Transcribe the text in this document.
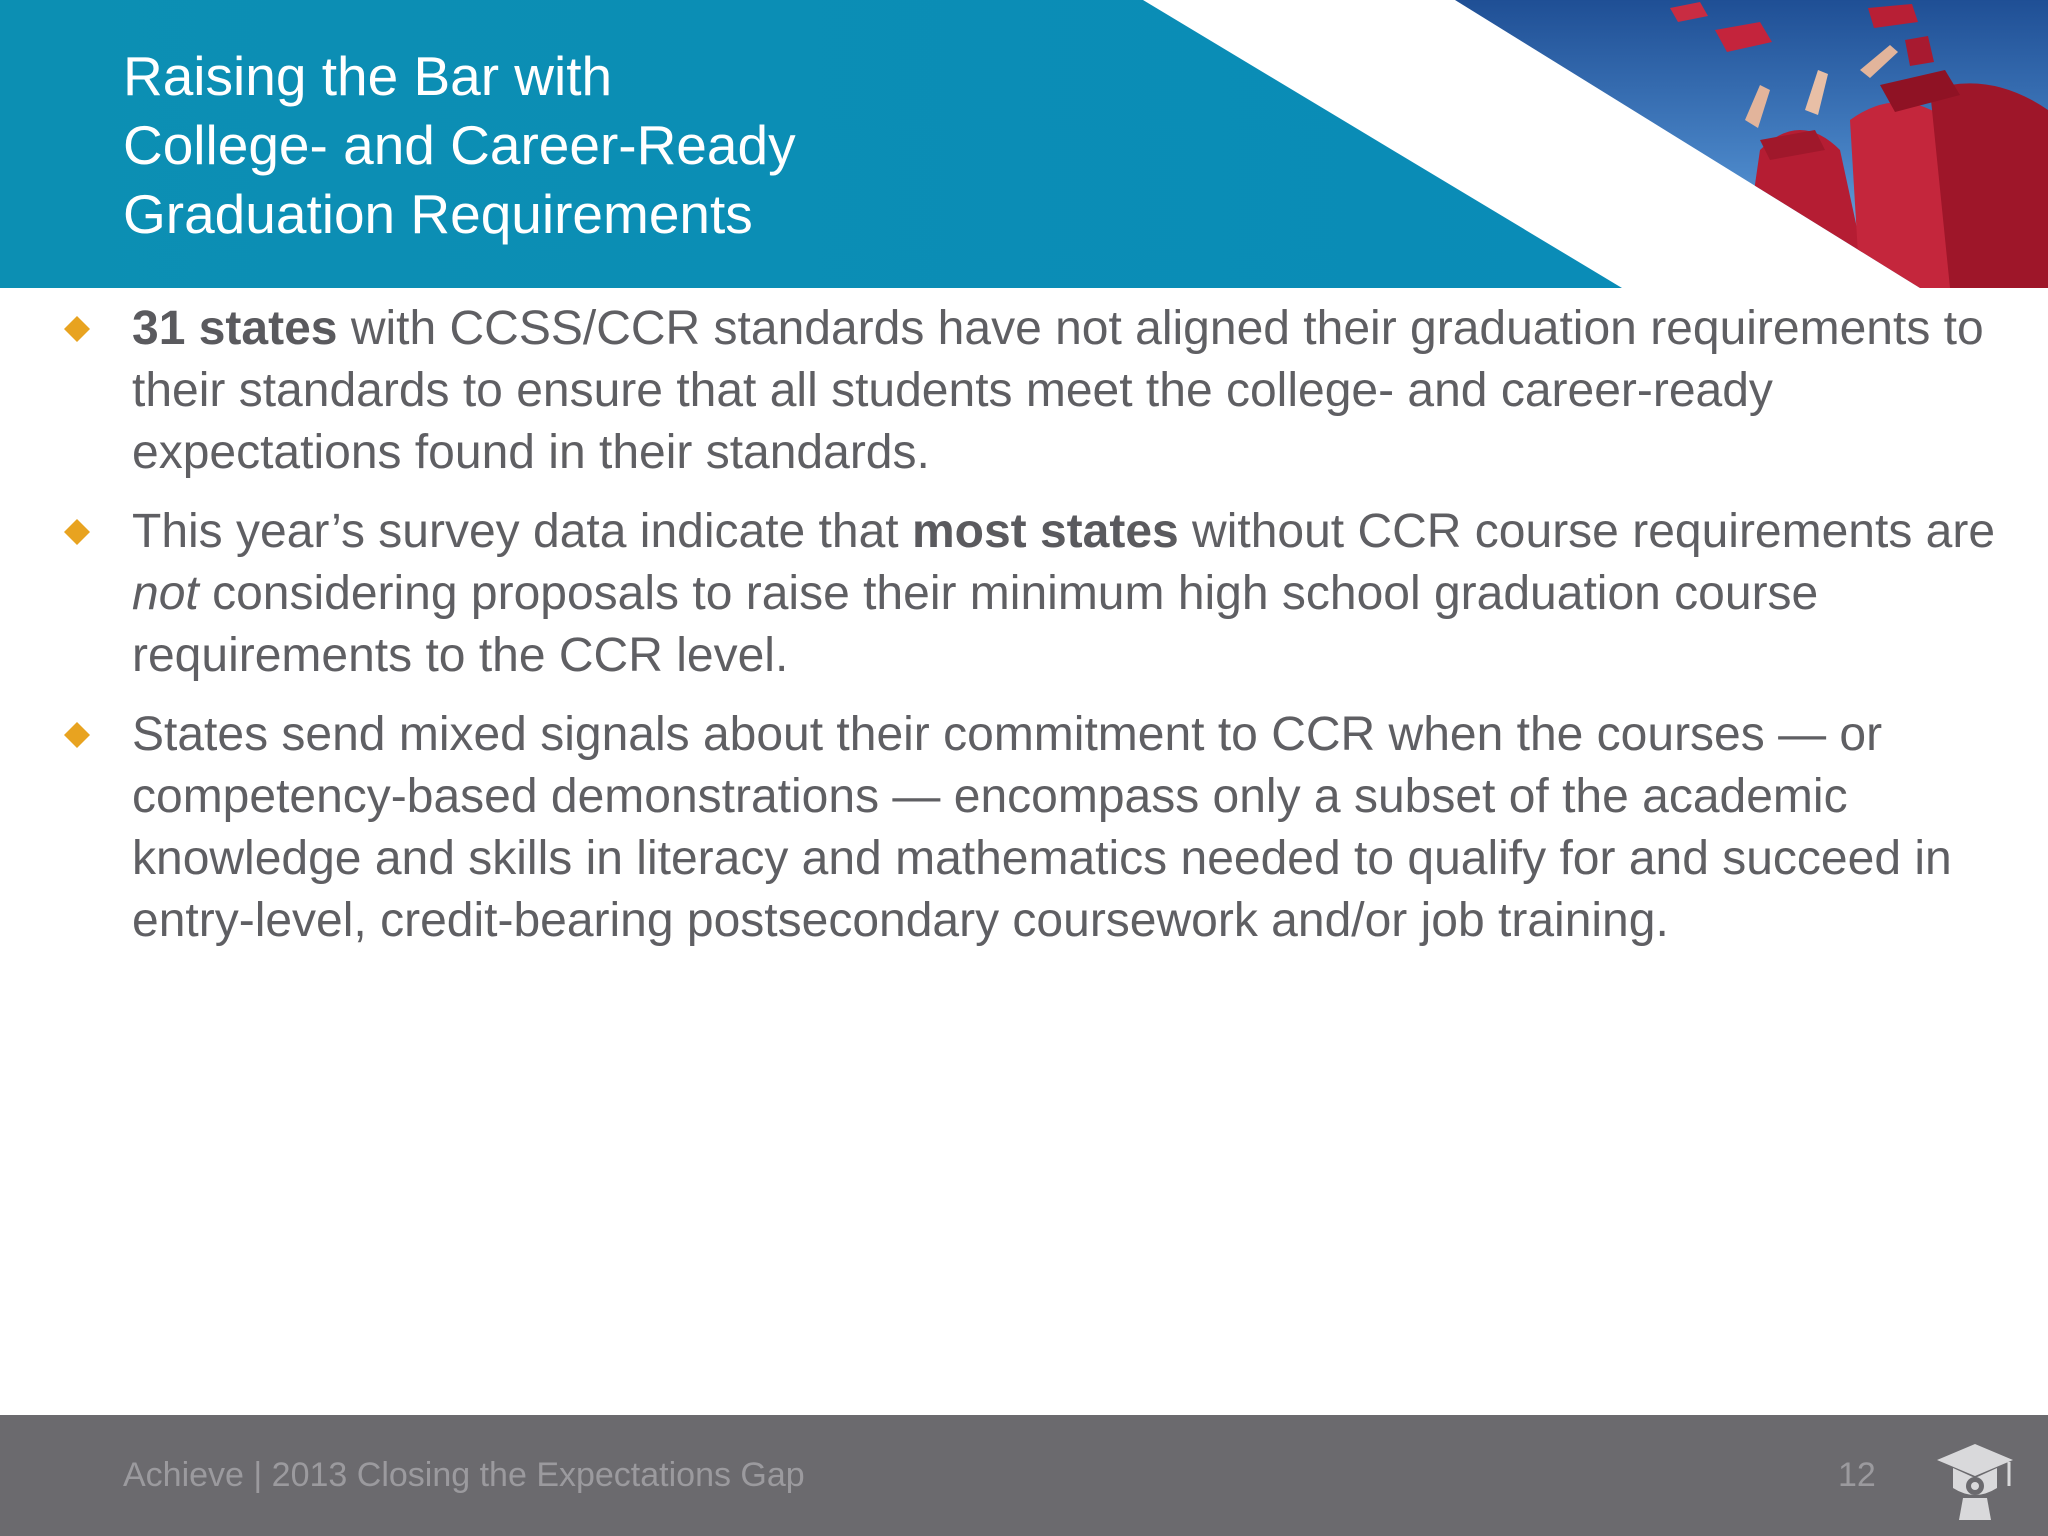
Raising the Bar with
College- and Career-Ready
Graduation Requirements
31 states with CCSS/CCR standards have not aligned their graduation requirements to their standards to ensure that all students meet the college- and career-ready expectations found in their standards.
This year’s survey data indicate that most states without CCR course requirements are not considering proposals to raise their minimum high school graduation course requirements to the CCR level.
States send mixed signals about their commitment to CCR when the courses — or competency-based demonstrations — encompass only a subset of the academic knowledge and skills in literacy and mathematics needed to qualify for and succeed in entry-level, credit-bearing postsecondary coursework and/or job training.
Achieve | 2013 Closing the Expectations Gap	12
